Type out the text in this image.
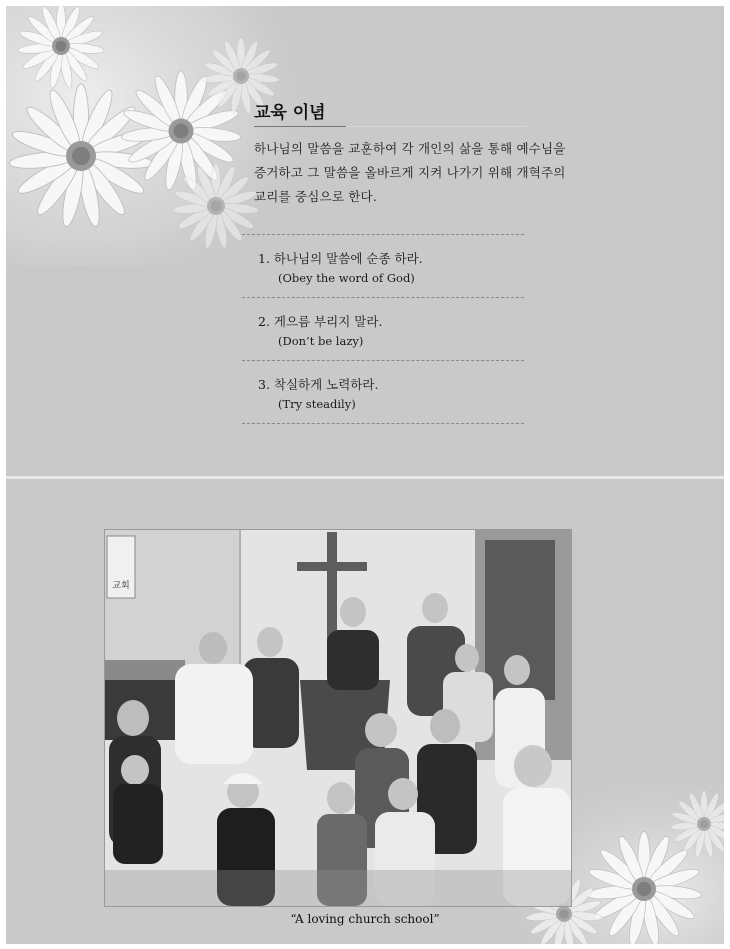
교육 이념
하나님의 말씀을 교훈하여 각 개인의 삶을 통해 예수님을
증거하고 그 말씀을 올바르게 지켜 나가기 위해 개혁주의
교리를 중심으로 한다.
1. 하나님의 말씀에 순종 하라.
(Obey the word of God)
2. 게으름 부리지 말라.
(Don’t be lazy)
3. 착실하게 노력하라.
(Try steadily)
교회
“A loving church school”
